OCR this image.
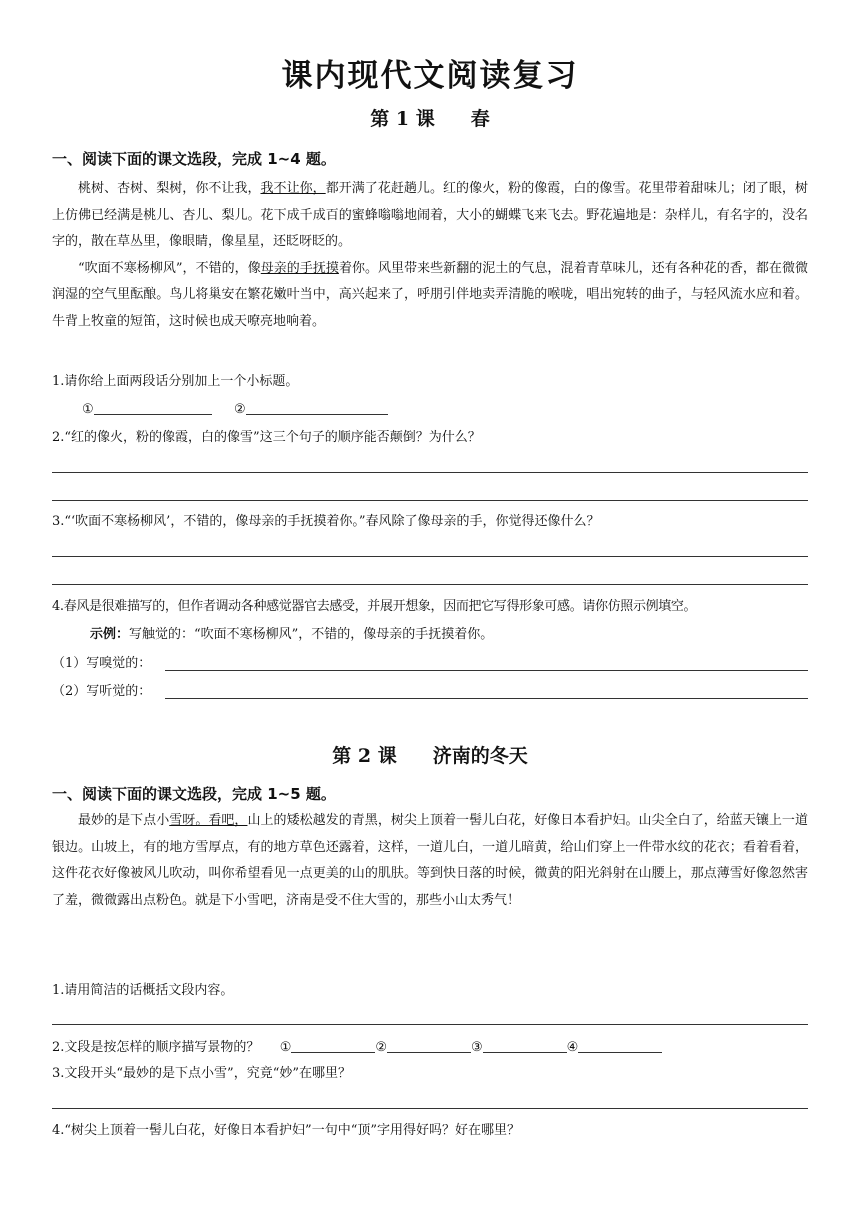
课内现代文阅读复习
第 1 课 春
一、阅读下面的课文选段，完成 1~4 题。

桃树、杏树、梨树，你不让我，我不让你，都开满了花赶趟儿。红的像火，粉的像霞，白的像雪。花里带着甜味儿；闭了眼，树上仿佛已经满是桃儿、杏儿、梨儿。花下成千成百的蜜蜂嗡嗡地闹着，大小的蝴蝶飞来飞去。野花遍地是：杂样儿，有名字的，没名字的，散在草丛里，像眼睛，像星星，还眨呀眨的。

“吹面不寒杨柳风”，不错的，像母亲的手抚摸着你。风里带来些新翻的泥土的气息，混着青草味儿，还有各种花的香，都在微微润湿的空气里酝酿。鸟儿将巢安在繁花嫩叶当中，高兴起来了，呼朋引伴地卖弄清脆的喉咙，唱出宛转的曲子，与轻风流水应和着。牛背上牧童的短笛，这时候也成天嘹亮地响着。

1.请你给上面两段话分别加上一个小标题。
①	②
2.“红的像火，粉的像霞，白的像雪”这三个句子的顺序能否颠倒？为什么？
3.“‘吹面不寒杨柳风’，不错的，像母亲的手抚摸着你。”春风除了像母亲的手，你觉得还像什么？
4.春风是很难描写的，但作者调动各种感觉器官去感受，并展开想象，因而把它写得形象可感。请你仿照示例填空。
示例：写触觉的：“吹面不寒杨柳风”，不错的，像母亲的手抚摸着你。
（1）写嗅觉的：
（2）写听觉的：
第 2 课 济南的冬天
一、阅读下面的课文选段，完成 1~5 题。

最妙的是下点小雪呀。看吧，山上的矮松越发的青黑，树尖上顶着一髻儿白花，好像日本看护妇。山尖全白了，给蓝天镶上一道银边。山坡上，有的地方雪厚点，有的地方草色还露着，这样，一道儿白，一道儿暗黄，给山们穿上一件带水纹的花衣；看着看着，这件花衣好像被风儿吹动，叫你希望看见一点更美的山的肌肤。等到快日落的时候，微黄的阳光斜射在山腰上，那点薄雪好像忽然害了羞，微微露出点粉色。就是下小雪吧，济南是受不住大雪的，那些小山太秀气！

1.请用简洁的话概括文段内容。
2.文段是按怎样的顺序描写景物的？ ①	②	③	④
3.文段开头“最妙的是下点小雪”，究竟“妙”在哪里？
4.“树尖上顶着一髻儿白花，好像日本看护妇”一句中“顶”字用得好吗？好在哪里？
